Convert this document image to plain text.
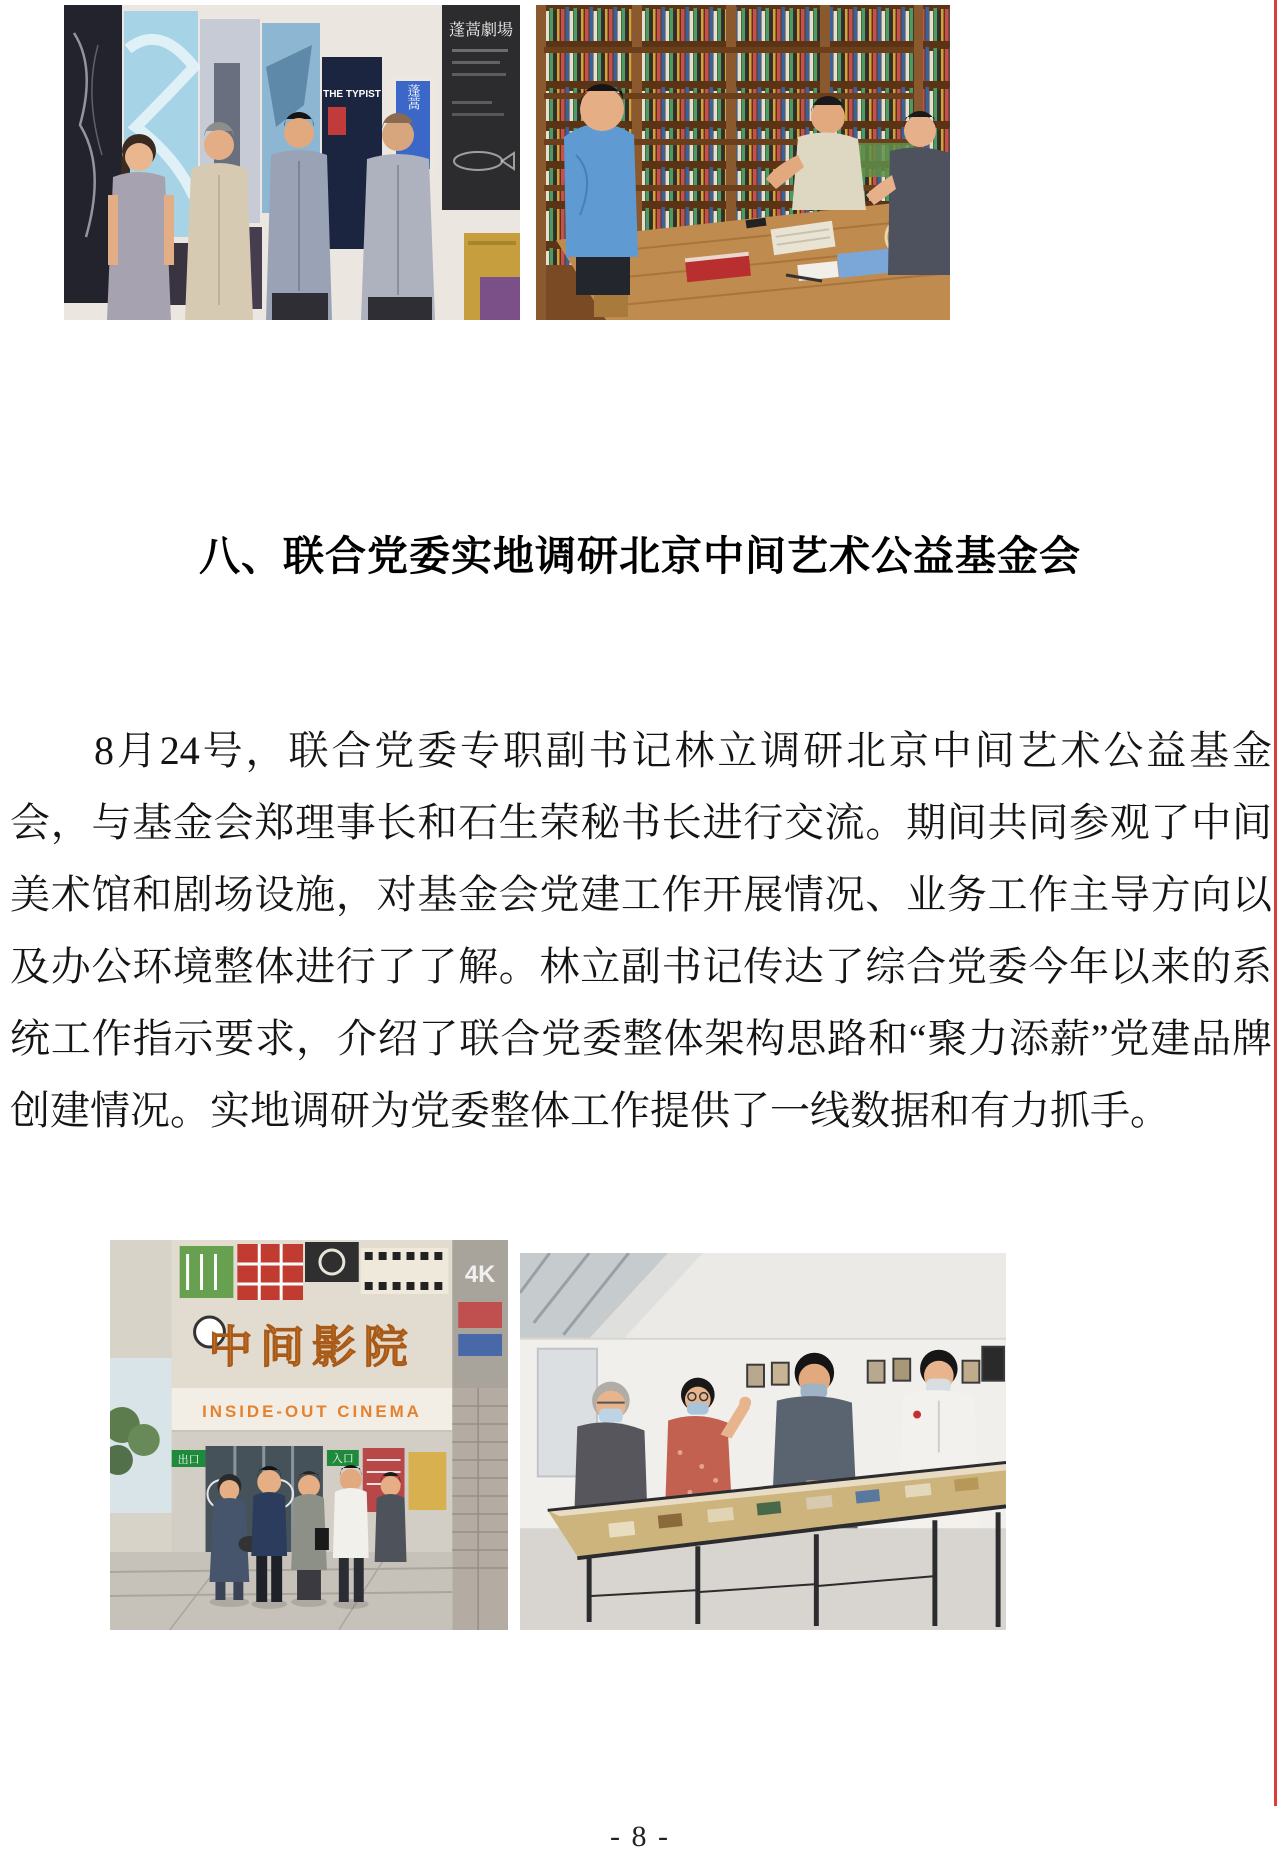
THE TYPIST
蓬蒿劇場
蓬蒿
八、联合党委实地调研北京中间艺术公益基金会

8月24号，联合党委专职副书记林立调研北京中间艺术公益基金会，与基金会郑理事长和石生荣秘书长进行交流。期间共同参观了中间美术馆和剧场设施，对基金会党建工作开展情况、业务工作主导方向以及办公环境整体进行了了解。林立副书记传达了综合党委今年以来的系统工作指示要求，介绍了联合党委整体架构思路和“聚力添薪”党建品牌创建情况。实地调研为党委整体工作提供了一线数据和有力抓手。

中间影院
4K
INSIDE-OUT CINEMA
出口	入口
- 8 -
